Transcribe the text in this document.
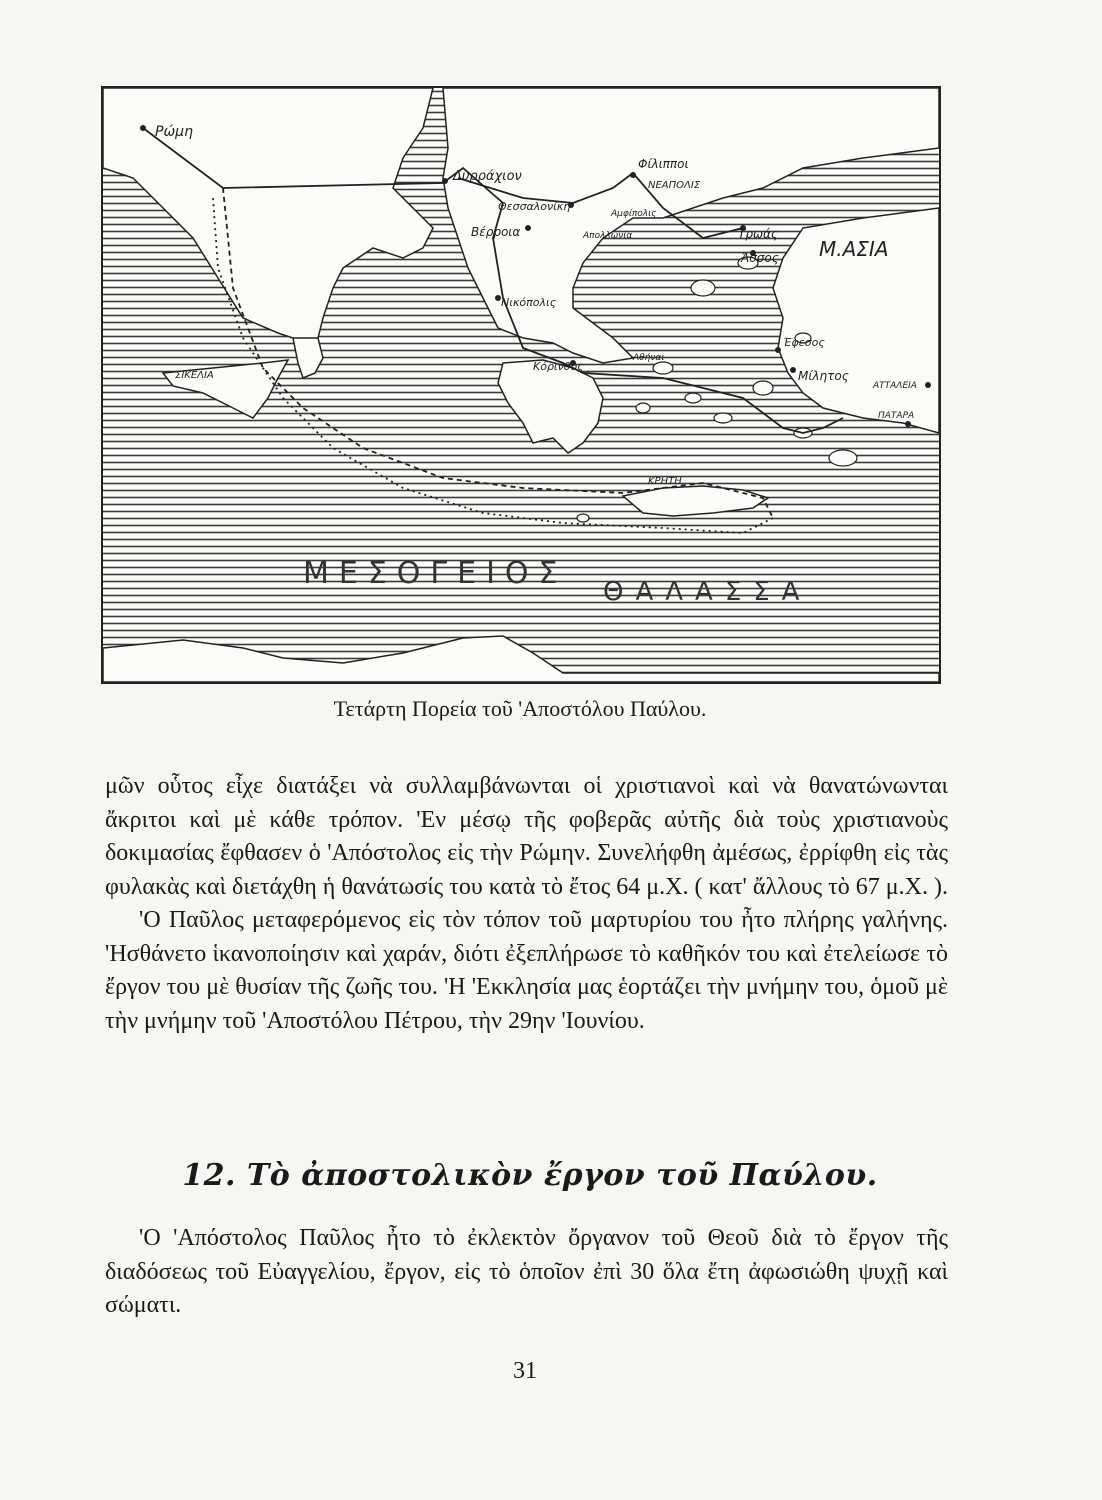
Ρώμη
Δυρράχιον
Φίλιπποι
ΝΕΑΠΟΛΙΣ
Θεσσαλονίκη
Αμφίπολις
Απολλωνία
Βέρροια	Τρωάς
Άσσος Μ.ΑΣΙΑ
Νικόπολις
Έφεσος
Μίλητος
ΑΤΤΑΛΕΙΑ
ΠΑΤΑΡΑ
ΣΙΚΕΛΙΑ
Κόρινθος
Αθήναι
ΚΡΗΤΗ
ΜΕΣΟΓΕΙΟΣ
ΘΑΛΑΣΣΑ
Τετάρτη Πορεία τοῦ 'Αποστόλου Παύλου.

μῶν οὗτος εἶχε διατάξει νὰ συλλαμβάνωνται οἱ χριστιανοὶ καὶ νὰ θανατώνωνται ἄκριτοι καὶ μὲ κάθε τρόπον. 'Εν μέσῳ τῆς φοβερᾶς αὐτῆς διὰ τοὺς χριστιανοὺς δοκιμασίας ἔφθασεν ὁ 'Απόστολος εἰς τὴν Ρώμην. Συνελήφθη ἀμέσως, ἐρρίφθη εἰς τὰς φυλακὰς καὶ διετάχθη ἡ θανάτωσίς του κατὰ τὸ ἔτος 64 μ.Χ. ( κατ' ἄλλους τὸ 67 μ.Χ. ).

'Ο Παῦλος μεταφερόμενος εἰς τὸν τόπον τοῦ μαρτυρίου του ἦτο πλήρης γαλήνης. 'Ησθάνετο ἱκανοποίησιν καὶ χαράν, διότι ἐξεπλήρωσε τὸ καθῆκόν του καὶ ἐτελείωσε τὸ ἔργον του μὲ θυσίαν τῆς ζωῆς του. 'Η 'Εκκλησία μας ἑορτάζει τὴν μνήμην του, ὁμοῦ μὲ τὴν μνήμην τοῦ 'Αποστόλου Πέτρου, τὴν 29ην 'Ιουνίου.

12. Τὸ ἀποστολικὸν ἔργον τοῦ Παύλου.

'Ο 'Απόστολος Παῦλος ἦτο τὸ ἐκλεκτὸν ὄργανον τοῦ Θεοῦ διὰ τὸ ἔργον τῆς διαδόσεως τοῦ Εὐαγγελίου, ἔργον, εἰς τὸ ὁποῖον ἐπὶ 30 ὅλα ἔτη ἀφωσιώθη ψυχῇ καὶ σώματι.

31
